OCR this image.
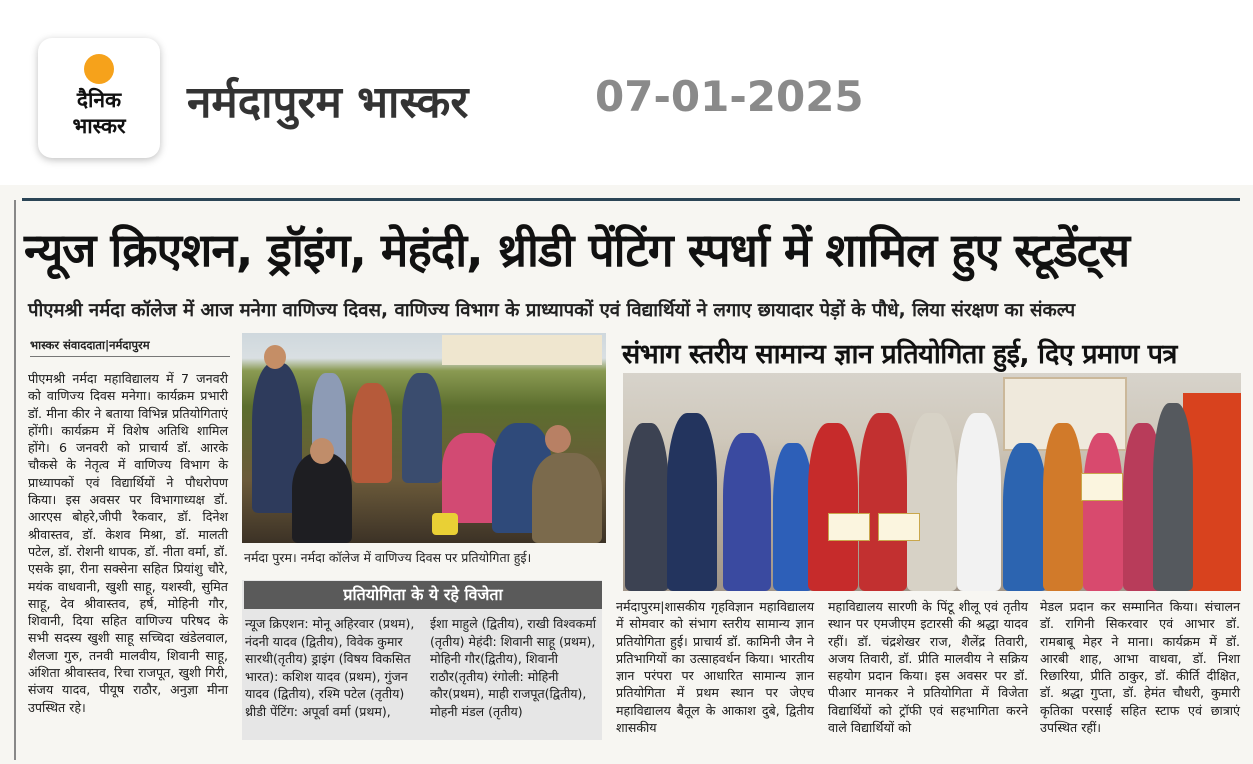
दैनिक
भास्कर	नर्मदापुरम भास्कर	07-01-2025
न्यूज क्रिएशन, ड्रॉइंग, मेहंदी, थ्रीडी पेंटिंग स्पर्धा में शामिल हुए स्टूडेंट्स
पीएमश्री नर्मदा कॉलेज में आज मनेगा वाणिज्य दिवस, वाणिज्य विभाग के प्राध्यापकों एवं विद्यार्थियों ने लगाए छायादार पेड़ों के पौधे, लिया संरक्षण का संकल्प
भास्कर संवाददाता|नर्मदापुरम
पीएमश्री नर्मदा महाविद्यालय में 7 जनवरी को वाणिज्य दिवस मनेगा। कार्यक्रम प्रभारी डॉ. मीना कीर ने बताया विभिन्न प्रतियोगिताएं होंगी। कार्यक्रम में विशेष अतिथि शामिल होंगे। 6 जनवरी को प्राचार्य डॉ. आरके चौकसे के नेतृत्व में वाणिज्य विभाग के प्राध्यापकों एवं विद्यार्थियों ने पौधरोपण किया। इस अवसर पर विभागाध्यक्ष डॉ. आरएस बोहरे,जीपी रैकवार, डॉ. दिनेश श्रीवास्तव, डॉ. केशव मिश्रा, डॉ. मालती पटेल, डॉ. रोशनी थापक, डॉ. नीता वर्मा, डॉ. एसके झा, रीना सक्सेना सहित प्रियांशु चौरे, मयंक वाधवानी, खुशी साहू, यशस्वी, सुमित साहू, देव श्रीवास्तव, हर्ष, मोहिनी गौर, शिवानी, दिया सहित वाणिज्य परिषद के सभी सदस्य खुशी साहू सच्चिदा खंडेलवाल, शैलजा गुरु, तनवी मालवीय, शिवानी साहू, अंशिता श्रीवास्तव, रिचा राजपूत, खुशी गिरी, संजय यादव, पीयूष राठौर, अनुज्ञा मीना उपस्थित रहे।
नर्मदा पुरम। नर्मदा कॉलेज में वाणिज्य दिवस पर प्रतियोगिता हुई।
प्रतियोगिता के ये रहे विजेता
न्यूज क्रिएशन: मोनू अहिरवार (प्रथम), नंदनी यादव (द्वितीय), विवेक कुमार सारथी(तृतीय) ड्राइंग (विषय विकसित भारत): कशिश यादव (प्रथम), गुंजन यादव (द्वितीय), रश्मि पटेल (तृतीय) थ्रीडी पेंटिंग: अपूर्वा वर्मा (प्रथम),
ईशा माहुले (द्वितीय), राखी विश्वकर्मा (तृतीय) मेहंदी: शिवानी साहू (प्रथम), मोहिनी गौर(द्वितीय), शिवानी राठौर(तृतीय) रंगोली: मोहिनी कौर(प्रथम), माही राजपूत(द्वितीय), मोहनी मंडल (तृतीय)
संभाग स्तरीय सामान्य ज्ञान प्रतियोगिता हुई, दिए प्रमाण पत्र
नर्मदापुरम|शासकीय गृहविज्ञान महाविद्यालय में सोमवार को संभाग स्तरीय सामान्य ज्ञान प्रतियोगिता हुई। प्राचार्य डॉ. कामिनी जैन ने प्रतिभागियों का उत्साहवर्धन किया। भारतीय ज्ञान परंपरा पर आधारित सामान्य ज्ञान प्रतियोगिता में प्रथम स्थान पर जेएच महाविद्यालय बैतूल के आकाश दुबे, द्वितीय शासकीय
महाविद्यालय सारणी के पिंटू शीलू एवं तृतीय स्थान पर एमजीएम इटारसी की श्रद्धा यादव रहीं। डॉ. चंद्रशेखर राज, शैलेंद्र तिवारी, अजय तिवारी, डॉ. प्रीति मालवीय ने सक्रिय सहयोग प्रदान किया। इस अवसर पर डॉ. पीआर मानकर ने प्रतियोगिता में विजेता विद्यार्थियों को ट्रॉफी एवं सहभागिता करने वाले विद्यार्थियों को
मेडल प्रदान कर सम्मानित किया। संचालन डॉ. रागिनी सिकरवार एवं आभार डॉ. रामबाबू मेहर ने माना। कार्यक्रम में डॉ. आरबी शाह, आभा वाधवा, डॉ. निशा रिछारिया, प्रीति ठाकुर, डॉ. कीर्ति दीक्षित, डॉ. श्रद्धा गुप्ता, डॉ. हेमंत चौधरी, कुमारी कृतिका परसाई सहित स्टाफ एवं छात्राएं उपस्थित रहीं।
